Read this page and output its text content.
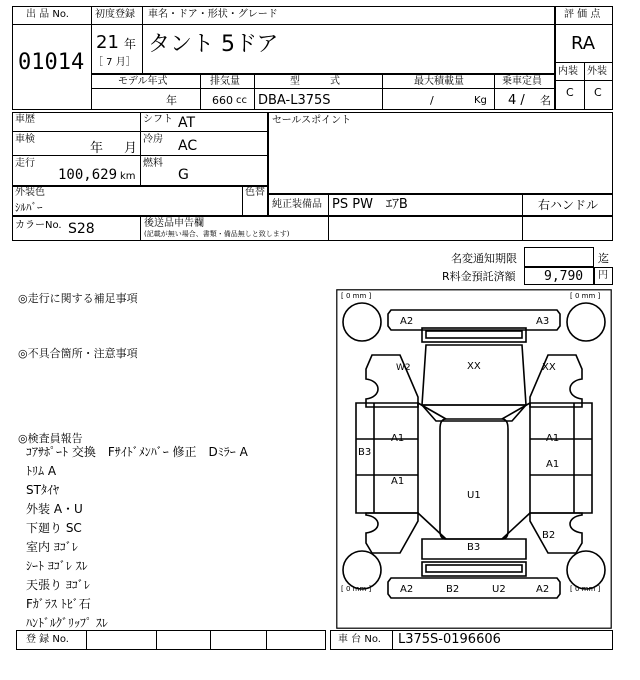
出 品 No.
01014
初度登録 車名・ドア・形状・グレード
21 年
［ 7 月］
タント 5ドア
評 価 点
RA
内装 外装
C C
モデル年式	排気量	型　　　式	最大積載量	乗車定員
年	660 cc DBA-L375S	/	Kg 4 / 名
車歴	シフト AT
車検
年 月
冷房 AC
走行
100,629 km
燃料
G
セールスポイント
外装色
ｼﾙﾊﾞｰ
色替
純正装備品 PS PW　ｴｱB	右ハンドル
カラーNo. S28	後送品申告欄
(記載が無い場合、書類・備品無しと致します)
名変通知期限	迄
R料金預託済額 9,790 円
◎走行に関する補足事項
◎不具合箇所・注意事項
◎検査員報告
ｺｱｻﾎﾟｰﾄ 交換　Fｻｲﾄﾞﾒﾝﾊﾞｰ 修正　Dﾐﾗｰ A
ﾄﾘﾑ A
STﾀｲﾔ
外装 A・U
下廻り SC
室内 ﾖｺﾞﾚ
ｼｰﾄ ﾖｺﾞﾚ ｽﾚ
天張り ﾖｺﾞﾚ
Fｶﾞﾗｽ ﾄﾋﾞ石
ﾊﾝﾄﾞﾙｸﾞﾘｯﾌﾟ ｽﾚ
[ 0 mm ]	[ 0 mm ]
[ 0 mm ]	[ 0 mm ]
A2	A3
W2	XX	XX
A1
B3
A1
A1
A1
U1
B3
B2
A2	B2	U2	A2
登 録 No.	車 台 No. L375S-0196606
